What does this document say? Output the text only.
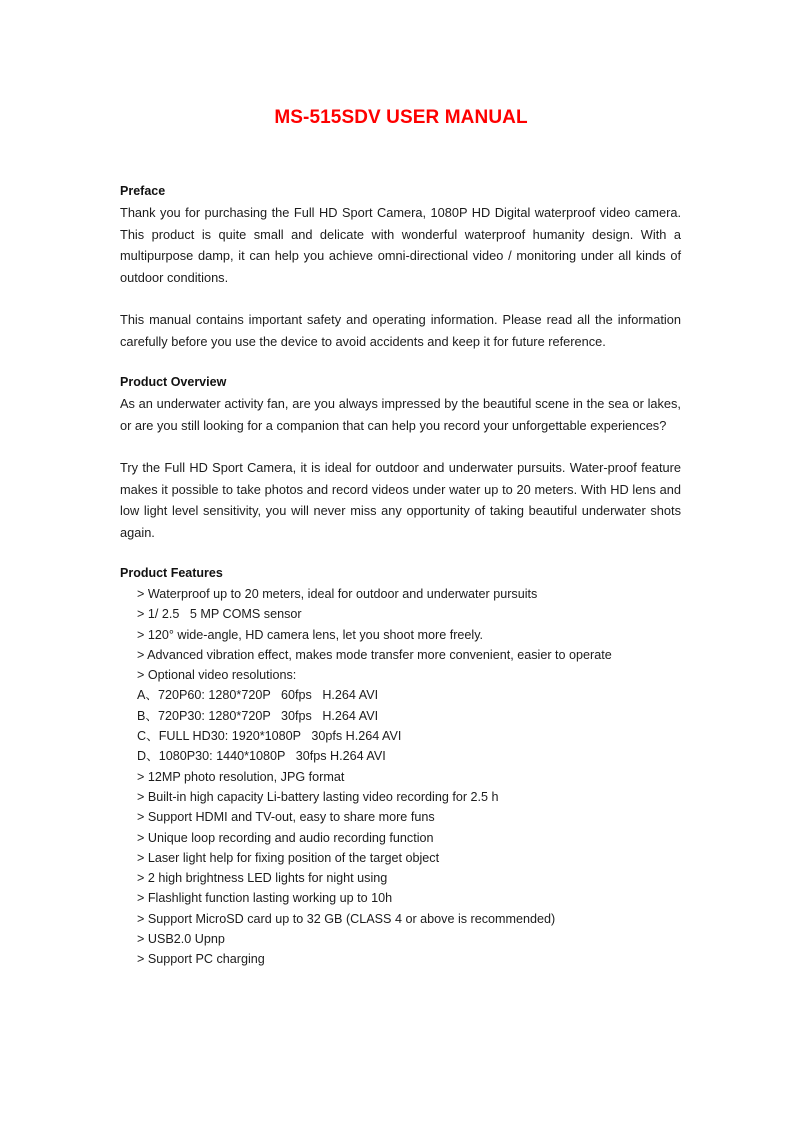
MS-515SDV USER MANUAL
Preface

Thank you for purchasing the Full HD Sport Camera, 1080P HD Digital waterproof video camera. This product is quite small and delicate with wonderful waterproof humanity design. With a multipurpose damp, it can help you achieve omni-directional video / monitoring under all kinds of outdoor conditions.

This manual contains important safety and operating information. Please read all the information carefully before you use the device to avoid accidents and keep it for future reference.

Product Overview

As an underwater activity fan, are you always impressed by the beautiful scene in the sea or lakes, or are you still looking for a companion that can help you record your unforgettable experiences?

Try the Full HD Sport Camera, it is ideal for outdoor and underwater pursuits. Water-proof feature makes it possible to take photos and record videos under water up to 20 meters. With HD lens and low light level sensitivity, you will never miss any opportunity of taking beautiful underwater shots again.

Product Features
> Waterproof up to 20 meters, ideal for outdoor and underwater pursuits
> 1/ 2.5   5 MP COMS sensor
> 120° wide-angle, HD camera lens, let you shoot more freely.
> Advanced vibration effect, makes mode transfer more convenient, easier to operate
> Optional video resolutions:
A、720P60: 1280*720P   60fps   H.264 AVI
B、720P30: 1280*720P   30fps   H.264 AVI
C、FULL HD30: 1920*1080P   30pfs H.264 AVI
D、1080P30: 1440*1080P   30fps H.264 AVI
> 12MP photo resolution, JPG format
> Built-in high capacity Li-battery lasting video recording for 2.5 h
> Support HDMI and TV-out, easy to share more funs
> Unique loop recording and audio recording function
> Laser light help for fixing position of the target object
> 2 high brightness LED lights for night using
> Flashlight function lasting working up to 10h
> Support MicroSD card up to 32 GB (CLASS 4 or above is recommended)
> USB2.0 Upnp
> Support PC charging
